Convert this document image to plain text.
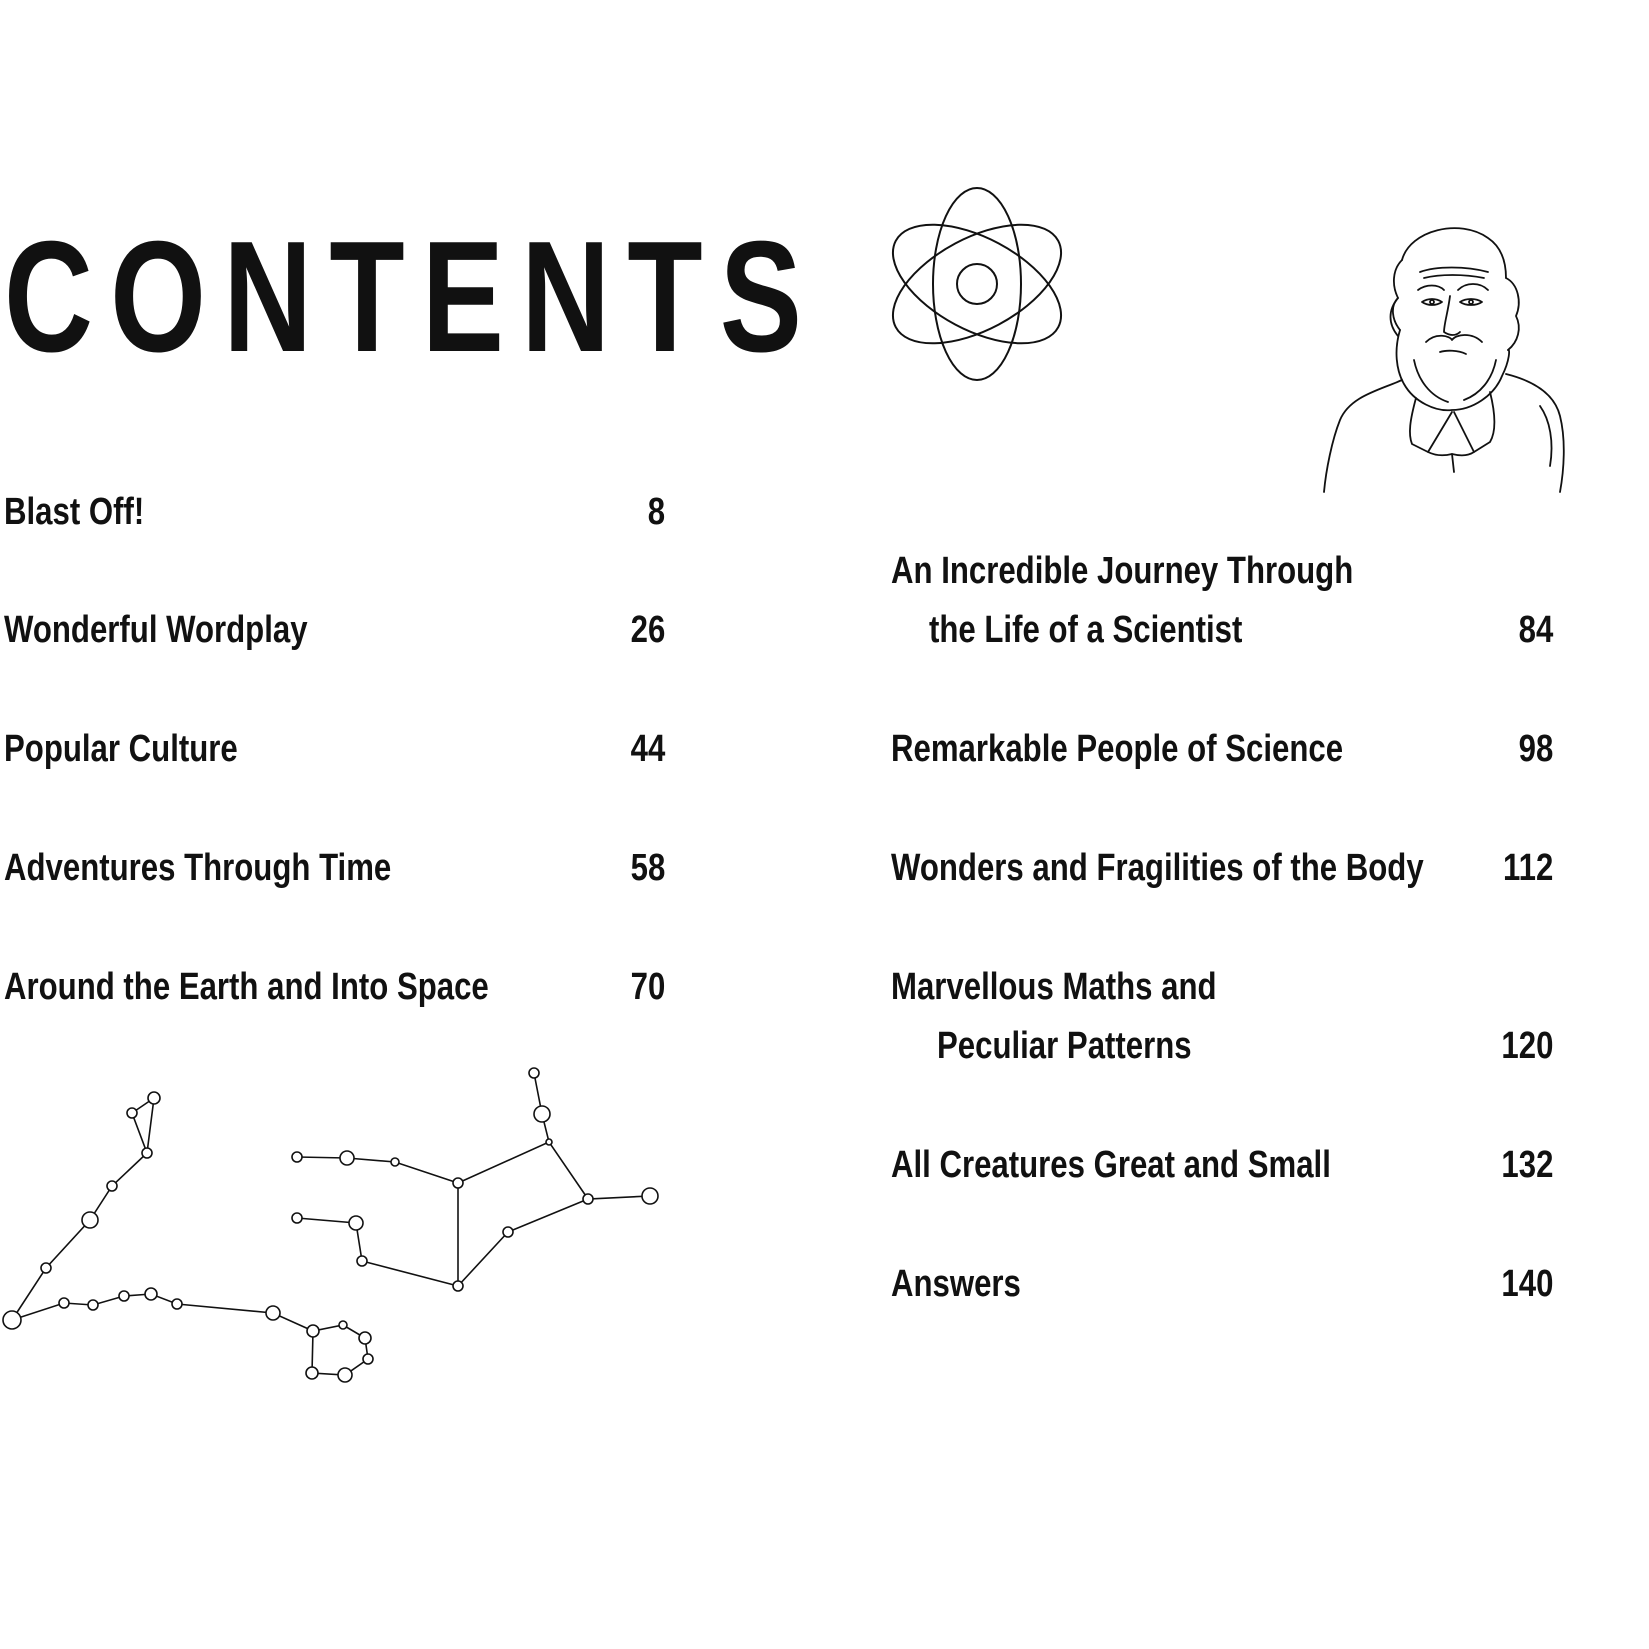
CONTENTS
Blast Off!	8
Wonderful Wordplay	26
Popular Culture	44
Adventures Through Time	58
Around the Earth and Into Space	70
An Incredible Journey Through
the Life of a Scientist	84
Remarkable People of Science	98
Wonders and Fragilities of the Body 112
Marvellous Maths and
Peculiar Patterns	120
All Creatures Great and Small	132
Answers	140
